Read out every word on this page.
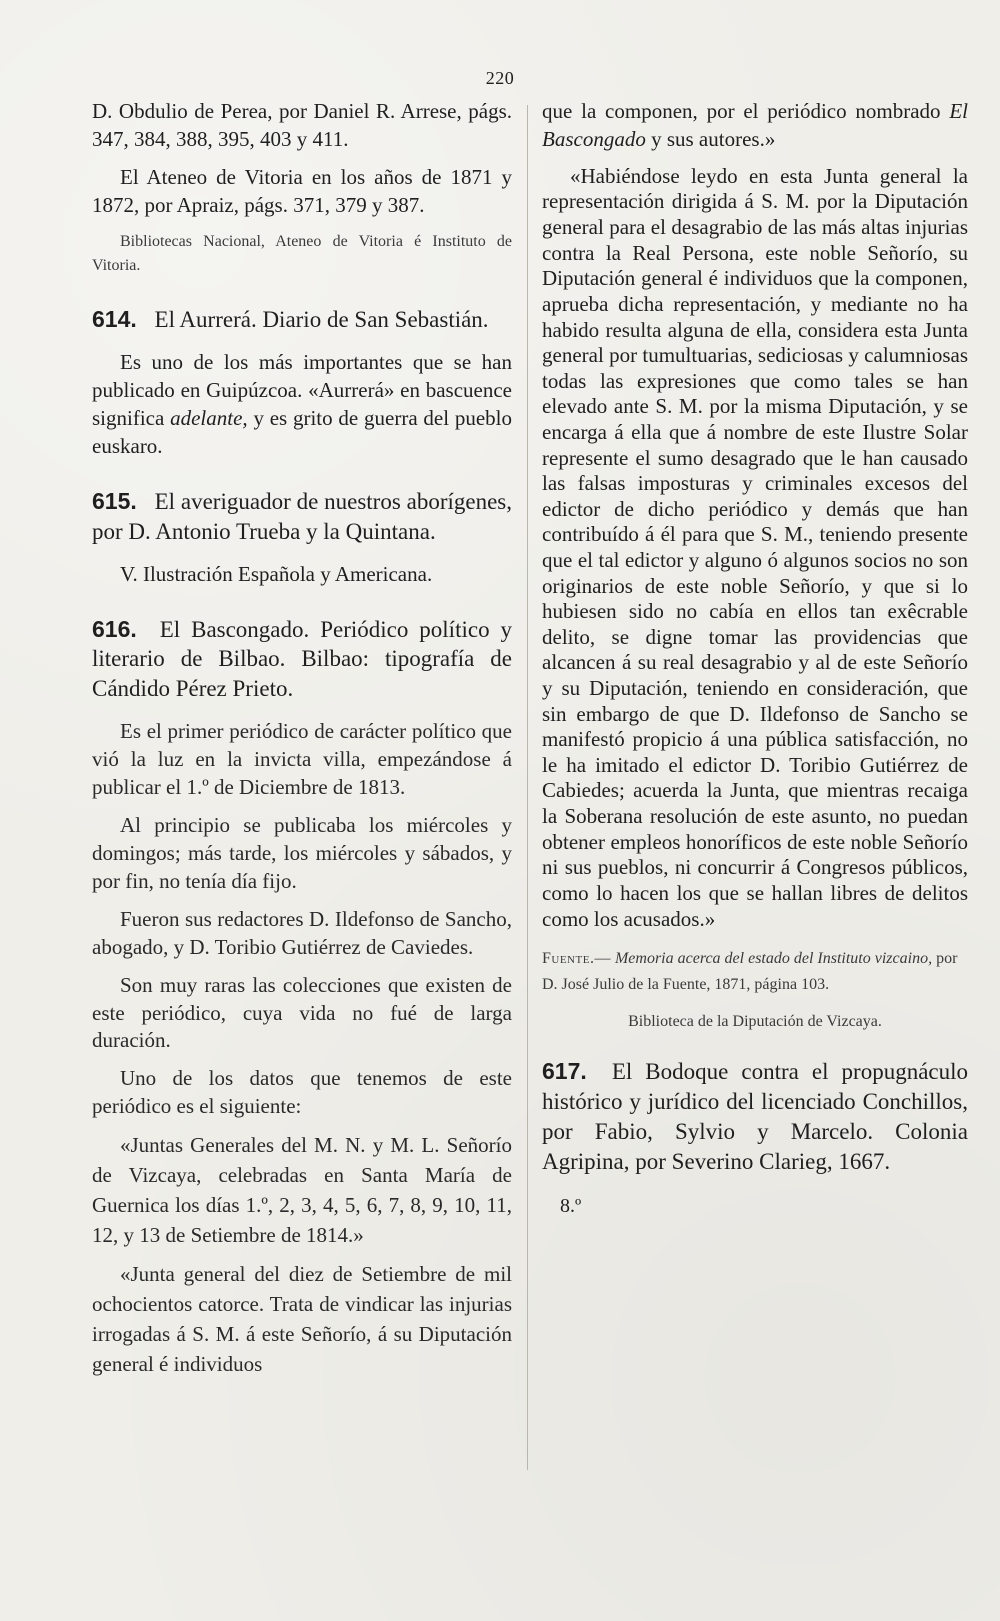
220

D. Obdulio de Perea, por Daniel R. Arrese, págs. 347, 384, 388, 395, 403 y 411.

El Ateneo de Vitoria en los años de 1871 y 1872, por Apraiz, págs. 371, 379 y 387.

Bibliotecas Nacional, Ateneo de Vitoria é Instituto de Vitoria.

614. El Aurrerá. Diario de San Sebastián.

Es uno de los más importantes que se han publicado en Guipúzcoa. «Aurrerá» en bascuence significa adelante, y es grito de guerra del pueblo euskaro.

615. El averiguador de nuestros aborígenes, por D. Antonio Trueba y la Quintana.

V. Ilustración Española y Americana.

616. El Bascongado. Periódico político y literario de Bilbao. Bilbao: tipografía de Cándido Pérez Prieto.

Es el primer periódico de carácter político que vió la luz en la invicta villa, empezándose á publicar el 1.º de Diciembre de 1813.

Al principio se publicaba los miércoles y domingos; más tarde, los miércoles y sábados, y por fin, no tenía día fijo.

Fueron sus redactores D. Ildefonso de Sancho, abogado, y D. Toribio Gutiérrez de Caviedes.

Son muy raras las colecciones que existen de este periódico, cuya vida no fué de larga duración.

Uno de los datos que tenemos de este periódico es el siguiente:

«Juntas Generales del M. N. y M. L. Señorío de Vizcaya, celebradas en Santa María de Guernica los días 1.º, 2, 3, 4, 5, 6, 7, 8, 9, 10, 11, 12, y 13 de Setiembre de 1814.»

«Junta general del diez de Setiembre de mil ochocientos catorce. Trata de vindicar las injurias irrogadas á S. M. á este Señorío, á su Diputación general é individuos

que la componen, por el periódico nombrado El Bascongado y sus autores.»

«Habiéndose leydo en esta Junta general la representación dirigida á S. M. por la Diputación general para el desagrabio de las más altas injurias contra la Real Persona, este noble Señorío, su Diputación general é individuos que la componen, aprueba dicha representación, y mediante no ha habido resulta alguna de ella, considera esta Junta general por tumultuarias, sediciosas y calumniosas todas las expresiones que como tales se han elevado ante S. M. por la misma Diputación, y se encarga á ella que á nombre de este Ilustre Solar represente el sumo desagrado que le han causado las falsas imposturas y criminales excesos del edictor de dicho periódico y demás que han contribuído á él para que S. M., teniendo presente que el tal edictor y alguno ó algunos socios no son originarios de este noble Señorío, y que si lo hubiesen sido no cabía en ellos tan exêcrable delito, se digne tomar las providencias que alcancen á su real desagrabio y al de este Señorío y su Diputación, teniendo en consideración, que sin embargo de que D. Ildefonso de Sancho se manifestó propicio á una pública satisfacción, no le ha imitado el edictor D. Toribio Gutiérrez de Cabiedes; acuerda la Junta, que mientras recaiga la Soberana resolución de este asunto, no puedan obtener empleos honoríficos de este noble Señorío ni sus pueblos, ni concurrir á Congresos públicos, como lo hacen los que se hallan libres de delitos como los acusados.»

Fuente.— Memoria acerca del estado del Instituto vizcaino, por D. José Julio de la Fuente, 1871, página 103.
Biblioteca de la Diputación de Vizcaya.
617. El Bodoque contra el propugnáculo histórico y jurídico del licenciado Conchillos, por Fabio, Sylvio y Marcelo. Colonia Agripina, por Severino Clarieg, 1667.
8.º
